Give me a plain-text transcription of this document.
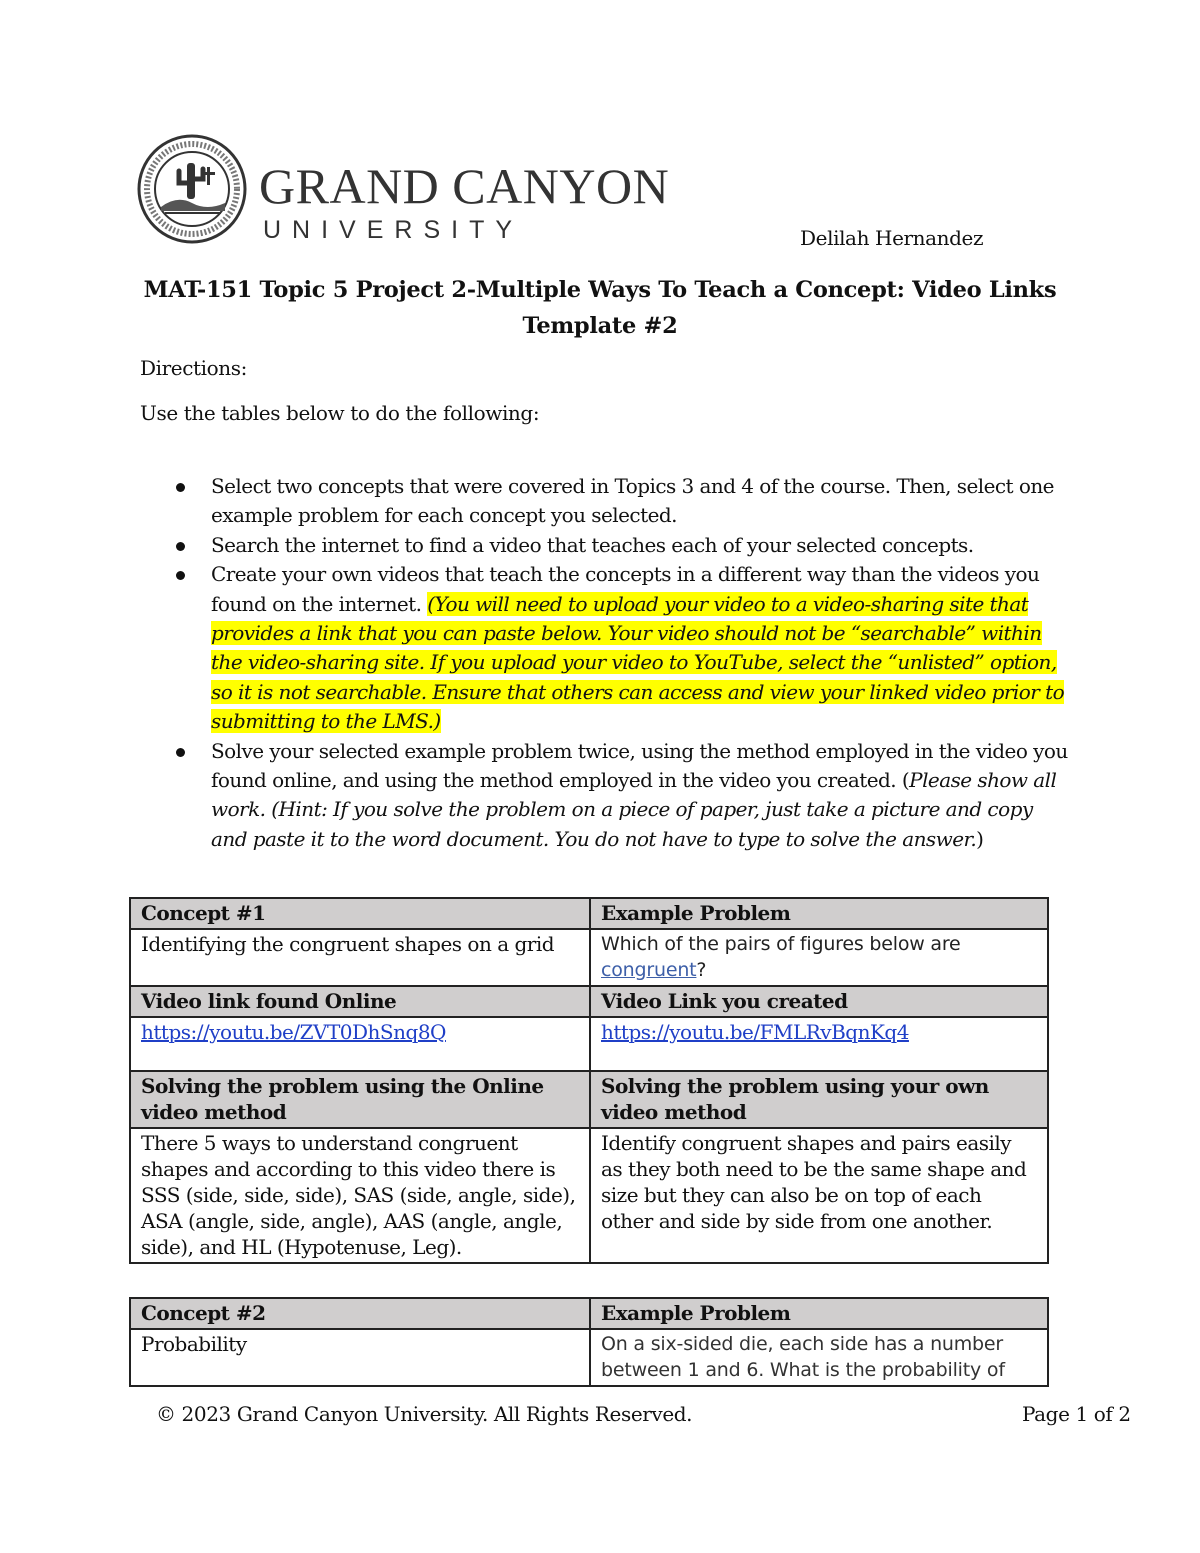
GRAND CANYON
UNIVERSITY	Delilah Hernandez
MAT-151 Topic 5 Project 2-Multiple Ways To Teach a Concept: Video Links
Template #2
Directions:
Use the tables below to do the following:
Select two concepts that were covered in Topics 3 and 4 of the course. Then, select one example problem for each concept you selected.
Search the internet to find a video that teaches each of your selected concepts.
Create your own videos that teach the concepts in a different way than the videos you found on the internet. (You will need to upload your video to a video-sharing site that provides a link that you can paste below. Your video should not be “searchable” within the video-sharing site. If you upload your video to YouTube, select the “unlisted” option, so it is not searchable. Ensure that others can access and view your linked video prior to submitting to the LMS.)
Solve your selected example problem twice, using the method employed in the video you found online, and using the method employed in the video you created. (Please show all work. (Hint: If you solve the problem on a piece of paper, just take a picture and copy and paste it to the word document. You do not have to type to solve the answer.)
Concept #1	Example Problem
Identifying the congruent shapes on a grid	Which of the pairs of figures below are congruent?
Video link found Online	Video Link you created
https://youtu.be/ZVT0DhSnq8Q	https://youtu.be/FMLRvBqnKq4
Solving the problem using the Online video method	Solving the problem using your own video method
There 5 ways to understand congruent shapes and according to this video there is SSS (side, side, side), SAS (side, angle, side), ASA (angle, side, angle), AAS (angle, angle, side), and HL (Hypotenuse, Leg).	Identify congruent shapes and pairs easily as they both need to be the same shape and size but they can also be on top of each other and side by side from one another.
Concept #2	Example Problem
Probability	On a six-sided die, each side has a number between 1 and 6. What is the probability of
© 2023 Grand Canyon University. All Rights Reserved.	Page 1 of 2
